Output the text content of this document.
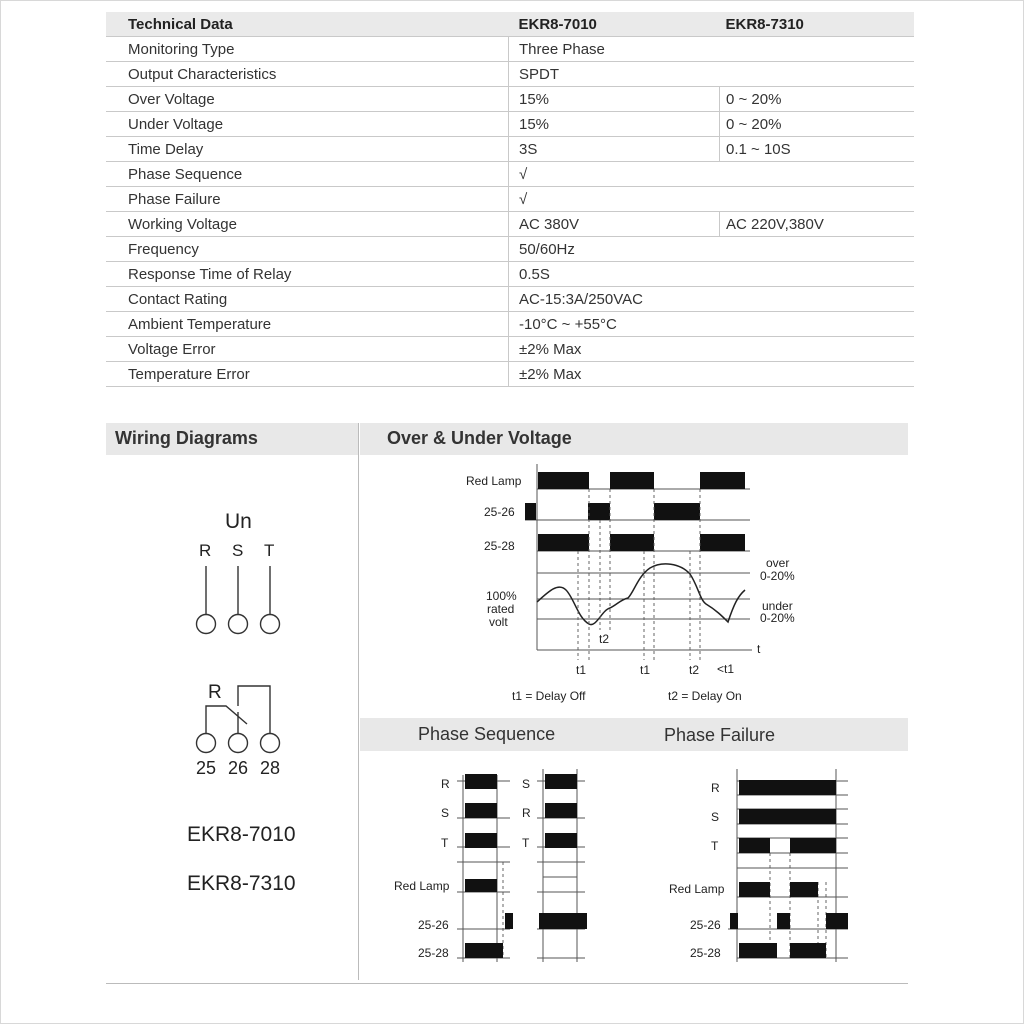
Technical Data	EKR8-7010	EKR8-7310
Monitoring Type	Three Phase	
Output Characteristics	SPDT	
Over Voltage	15%	0 ~ 20%
Under Voltage	15%	0 ~ 20%
Time Delay	3S	0.1 ~ 10S
Phase Sequence	√	
Phase Failure	√	
Working Voltage	AC 380V	AC 220V,380V
Frequency	50/60Hz	
Response Time of Relay	0.5S	
Contact Rating	AC-15:3A/250VAC	
Ambient Temperature	-10°C ~ +55°C	
Voltage Error	±2% Max	
Temperature Error	±2% Max	
Wiring Diagrams	Over & Under Voltage
Phase Sequence	Phase Failure
Un
R S T
R
25 26 28
EKR8-7010
EKR8-7310
Red Lamp
25-26
25-28
over
0-20%
under
0-20%
100%
rated
volt
t
t2
t1	t1	t2 <t1
t1 = Delay Off	t2 = Delay On
R
S
T
S
R
T
Red Lamp
25-26
25-28
R
S
T
Red Lamp
25-26
25-28
